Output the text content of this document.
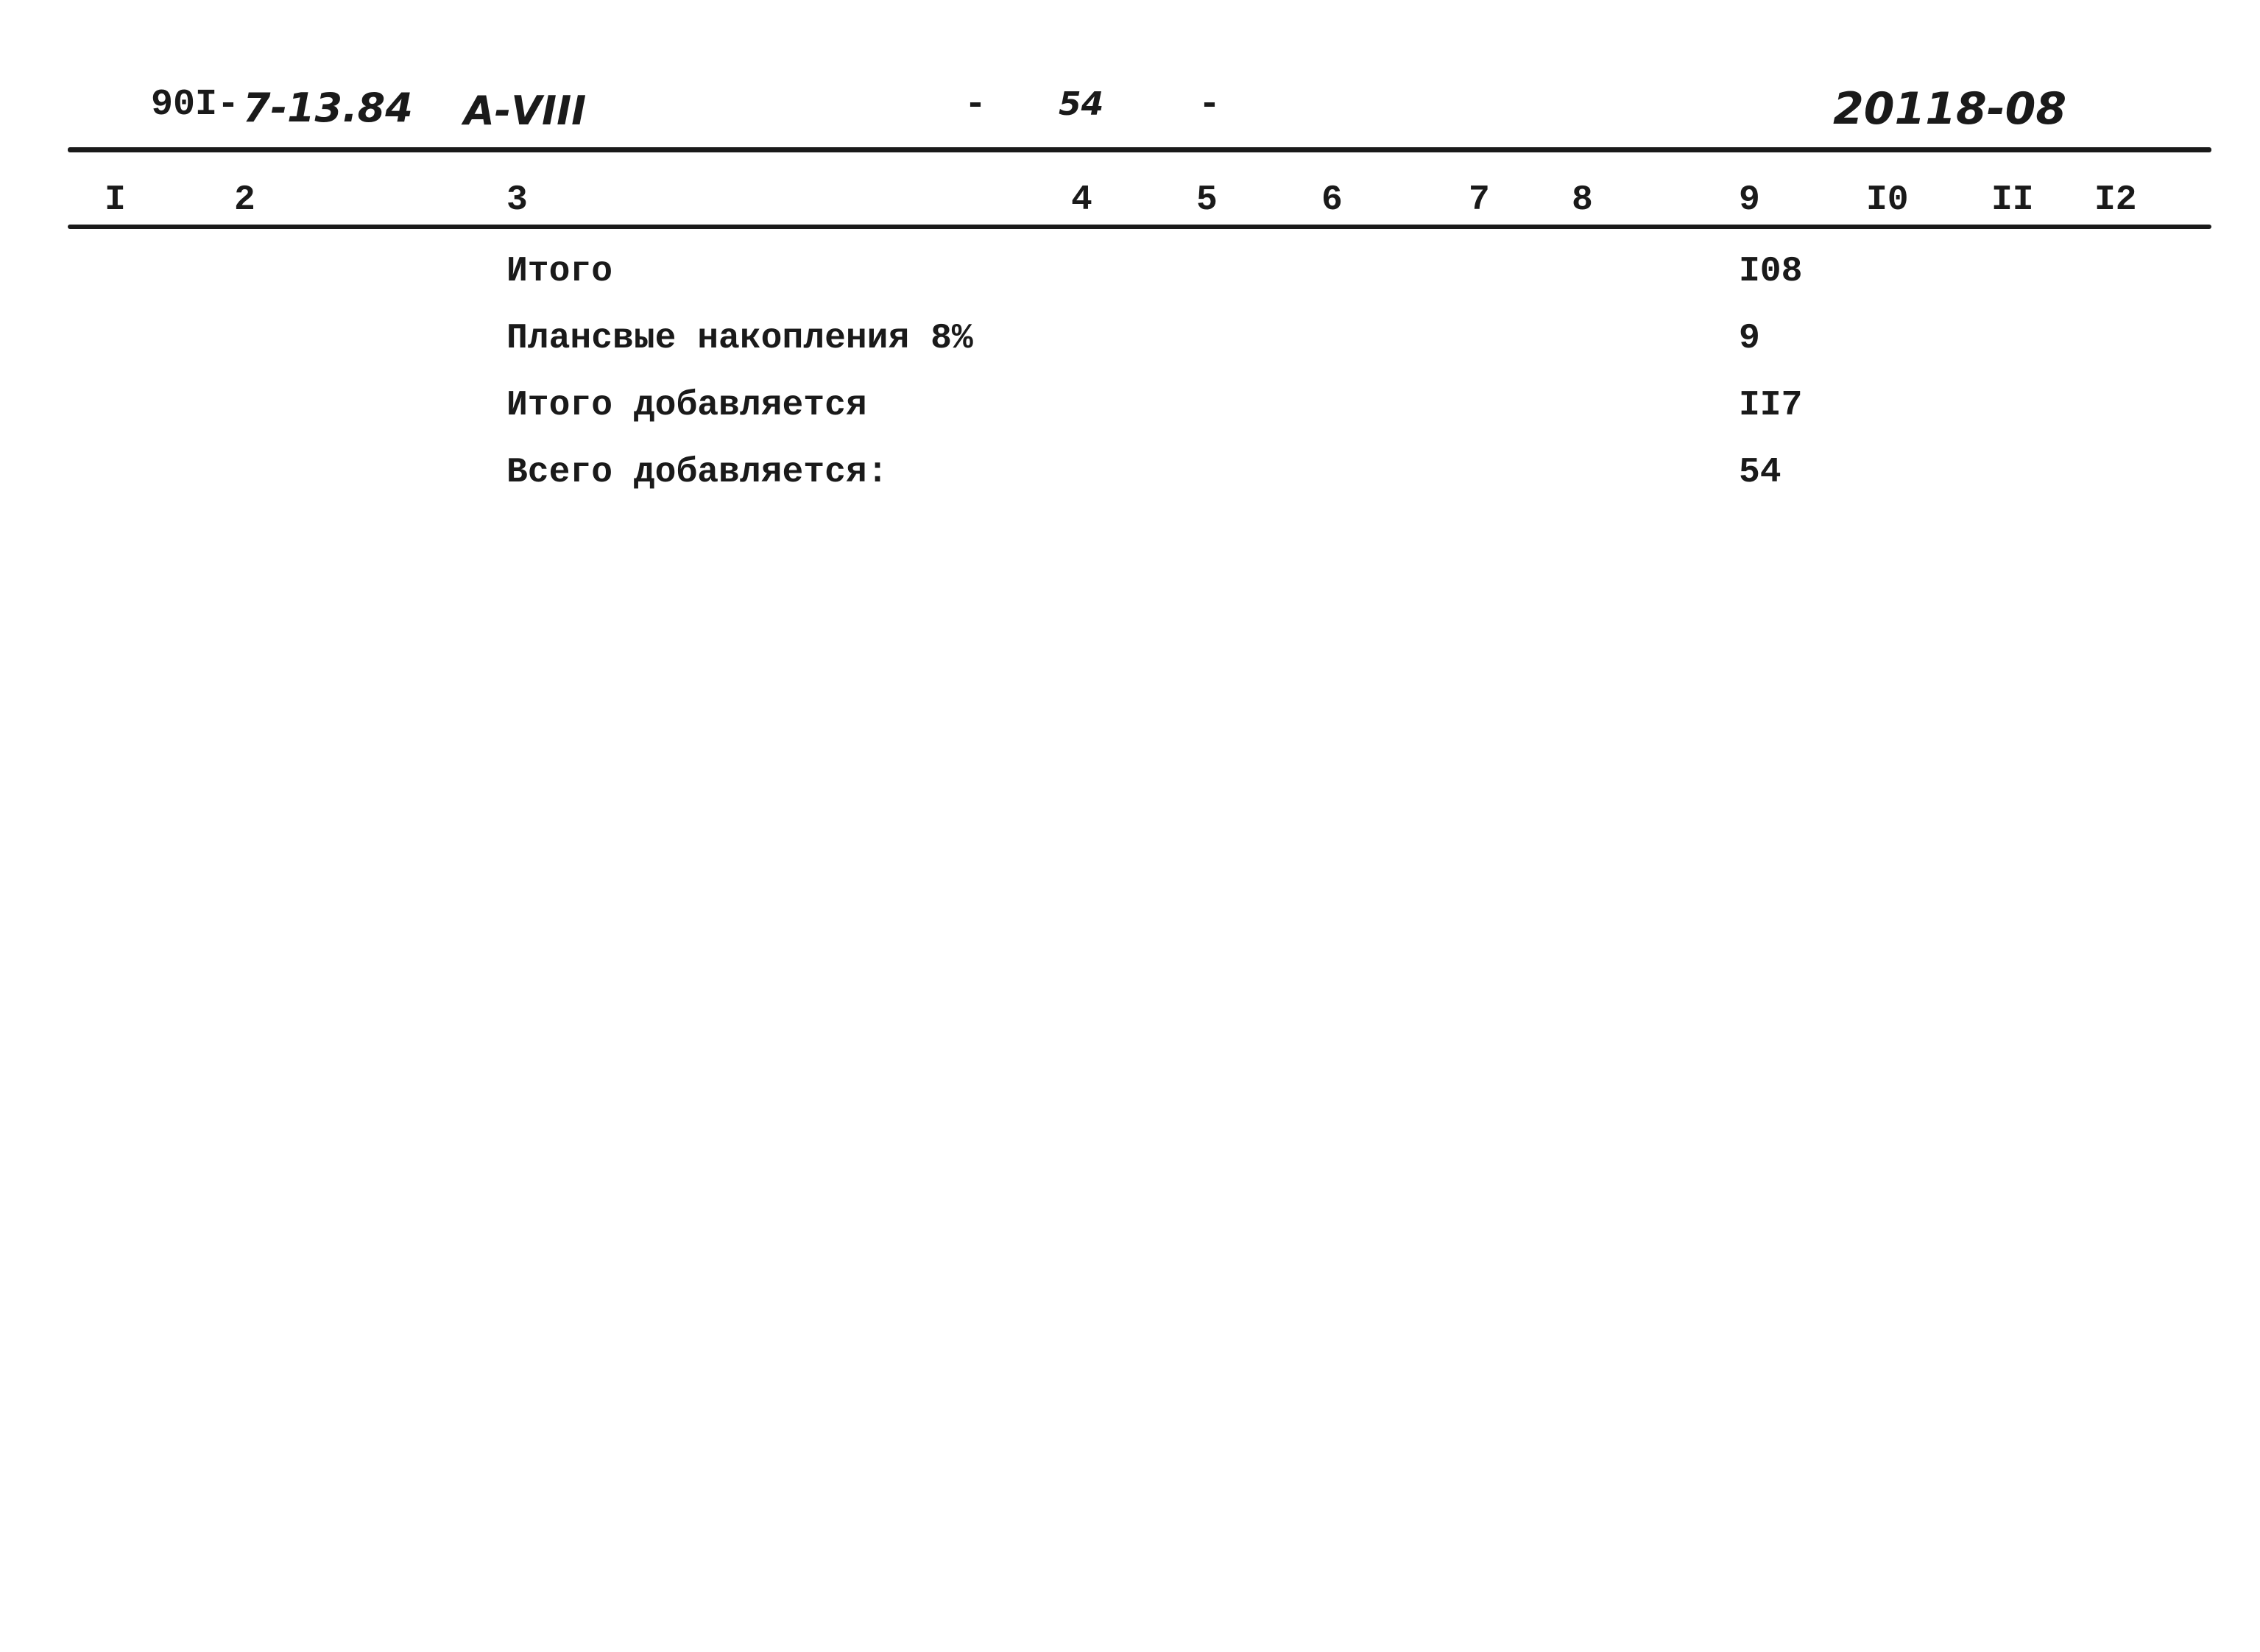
90I- 7-13.84 А-VIII	- 54	-	20118-08
I	2	3	4	5	6	7 8	9	I0 II I2
Итого	I08
Плансвые накопления 8%	9
Итого добавляется	II7
Всего добавляется:	54
